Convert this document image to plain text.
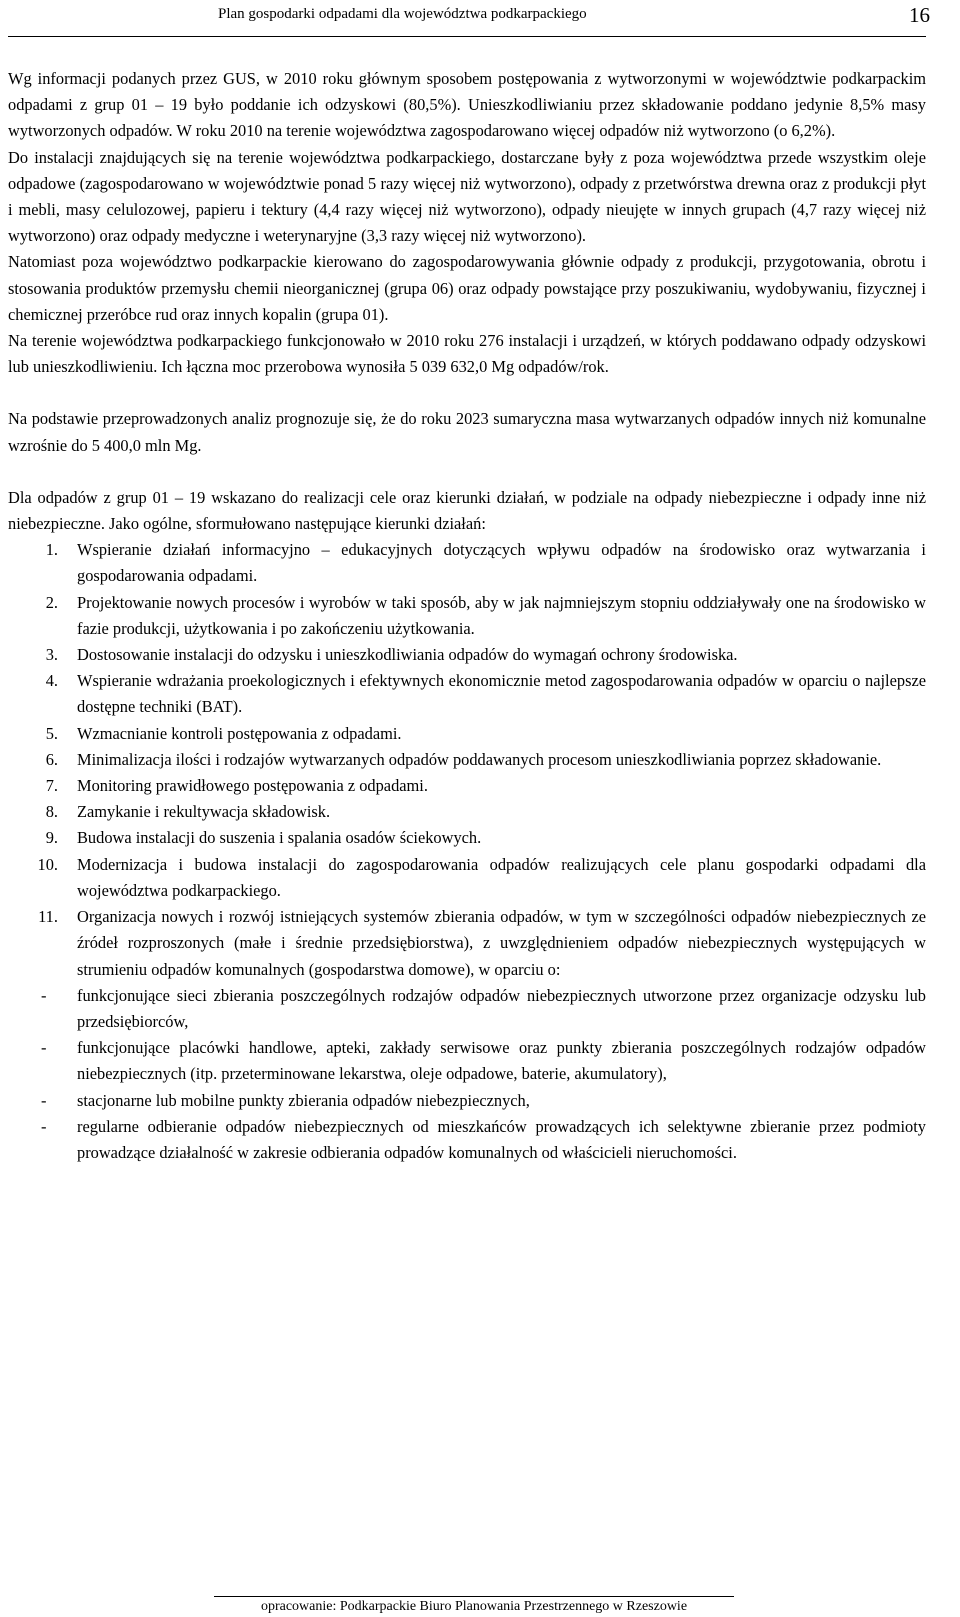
Plan gospodarki odpadami dla województwa podkarpackiego	16

Wg informacji podanych przez GUS, w 2010 roku głównym sposobem postępowania z wytworzonymi w województwie podkarpackim odpadami z grup 01 – 19 było poddanie ich odzyskowi (80,5%). Unieszkodliwianiu przez składowanie poddano jedynie 8,5% masy wytworzonych odpadów. W roku 2010 na terenie województwa zagospodarowano więcej odpadów niż wytworzono (o 6,2%).

Do instalacji znajdujących się na terenie województwa podkarpackiego, dostarczane były z poza województwa przede wszystkim oleje odpadowe (zagospodarowano w województwie ponad 5 razy więcej niż wytworzono), odpady z przetwórstwa drewna oraz z produkcji płyt i mebli, masy celulozowej, papieru i tektury (4,4 razy więcej niż wytworzono), odpady nieujęte w innych grupach (4,7 razy więcej niż wytworzono) oraz odpady medyczne i weterynaryjne (3,3 razy więcej niż wytworzono).

Natomiast poza województwo podkarpackie kierowano do zagospodarowywania głównie odpady z produkcji, przygotowania, obrotu i stosowania produktów przemysłu chemii nieorganicznej (grupa 06) oraz odpady powstające przy poszukiwaniu, wydobywaniu, fizycznej i chemicznej przeróbce rud oraz innych kopalin (grupa 01).

Na terenie województwa podkarpackiego funkcjonowało w 2010 roku 276 instalacji i urządzeń, w których poddawano odpady odzyskowi lub unieszkodliwieniu. Ich łączna moc przerobowa wynosiła 5 039 632,0 Mg odpadów/rok.

Na podstawie przeprowadzonych analiz prognozuje się, że do roku 2023 sumaryczna masa wytwarzanych odpadów innych niż komunalne wzrośnie do 5 400,0 mln Mg.

Dla odpadów z grup 01 – 19 wskazano do realizacji cele oraz kierunki działań, w podziale na odpady niebezpieczne i odpady inne niż niebezpieczne. Jako ogólne, sformułowano następujące kierunki działań:

1 . Wspieranie działań informacyjno – edukacyjnych dotyczących wpływu odpadów na środowisko oraz wytwarzania i gospodarowania odpadami.
2 . Projektowanie nowych procesów i wyrobów w taki sposób, aby w jak najmniejszym stopniu oddziaływały one na środowisko w fazie produkcji, użytkowania i po zakończeniu użytkowania.
3 . Dostosowanie instalacji do odzysku i unieszkodliwiania odpadów do wymagań ochrony środowiska.
4 . Wspieranie wdrażania proekologicznych i efektywnych ekonomicznie metod zagospodarowania odpadów w oparciu o najlepsze dostępne techniki (BAT).
5 . Wzmacnianie kontroli postępowania z odpadami.
6 . Minimalizacja ilości i rodzajów wytwarzanych odpadów poddawanych procesom unieszkodliwiania poprzez składowanie.
7 . Monitoring prawidłowego postępowania z odpadami.
8 . Zamykanie i rekultywacja składowisk.
9 . Budowa instalacji do suszenia i spalania osadów ściekowych.
10 . Modernizacja i budowa instalacji do zagospodarowania odpadów realizujących cele planu gospodarki odpadami dla województwa podkarpackiego.
11 . Organizacja nowych i rozwój istniejących systemów zbierania odpadów, w tym w szczególności odpadów niebezpiecznych ze źródeł rozproszonych (małe i średnie przedsiębiorstwa), z uwzględnieniem odpadów niebezpiecznych występujących w strumieniu odpadów komunalnych (gospodarstwa domowe), w oparciu o:
-
funkcjonujące sieci zbierania poszczególnych rodzajów odpadów niebezpiecznych utworzone przez organizacje odzysku lub przedsiębiorców,
-
funkcjonujące placówki handlowe, apteki, zakłady serwisowe oraz punkty zbierania poszczególnych rodzajów odpadów niebezpiecznych (itp. przeterminowane lekarstwa, oleje odpadowe, baterie, akumulatory),
-
stacjonarne lub mobilne punkty zbierania odpadów niebezpiecznych,
-
regularne odbieranie odpadów niebezpiecznych od mieszkańców prowadzących ich selektywne zbieranie przez podmioty prowadzące działalność w zakresie odbierania odpadów komunalnych od właścicieli nieruchomości.
opracowanie: Podkarpackie Biuro Planowania Przestrzennego w Rzeszowie
